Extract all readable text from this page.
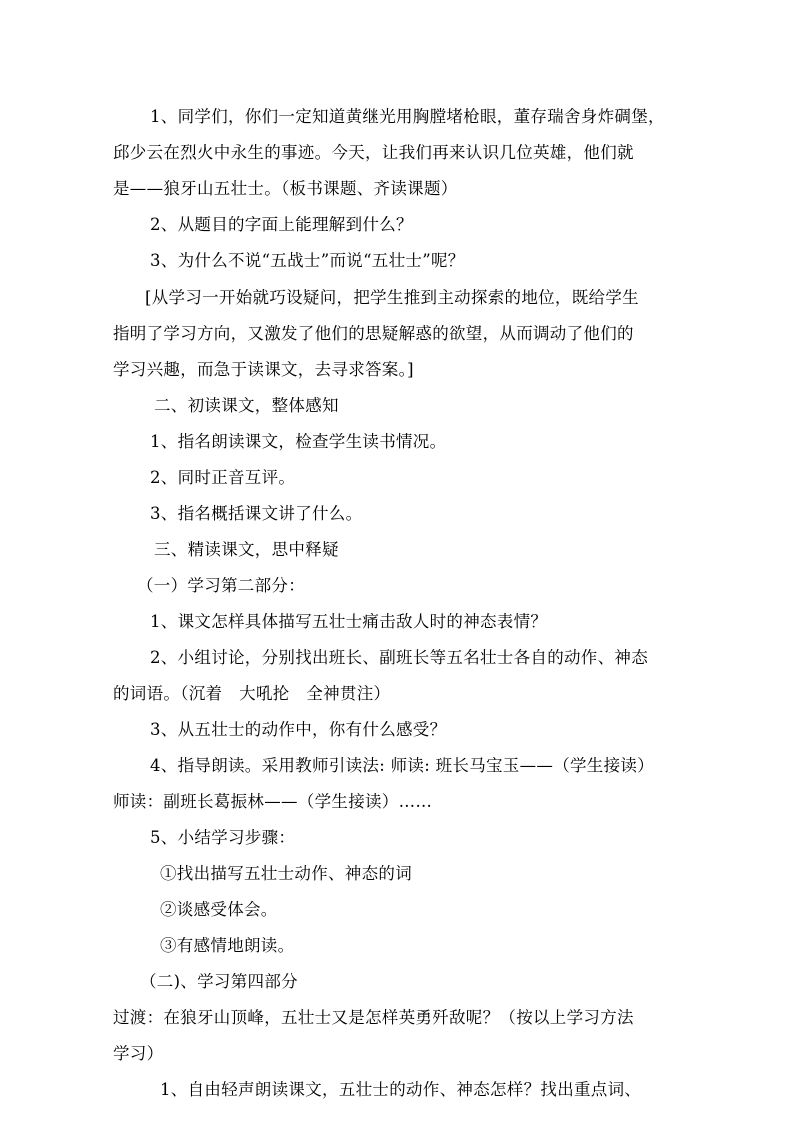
1、同学们，你们一定知道黄继光用胸膛堵枪眼，董存瑞舍身炸碉堡，
邱少云在烈火中永生的事迹。今天，让我们再来认识几位英雄，他们就
是——狼牙山五壮士。（板书课题、齐读课题）
2、从题目的字面上能理解到什么？
3、为什么不说“五战士”而说“五壮士”呢？
[从学习一开始就巧设疑问，把学生推到主动探索的地位，既给学生
指明了学习方向，又激发了他们的思疑解惑的欲望，从而调动了他们的
学习兴趣，而急于读课文，去寻求答案。]
二、初读课文，整体感知
1、指名朗读课文，检查学生读书情况。
2、同时正音互评。
3、指名概括课文讲了什么。
三、精读课文，思中释疑
（一）学习第二部分：
1、课文怎样具体描写五壮士痛击敌人时的神态表情？
2、小组讨论，分别找出班长、副班长等五名壮士各自的动作、神态
的词语。（沉着　大吼抡　全神贯注）
3、从五壮士的动作中，你有什么感受？
4、指导朗读。采用教师引读法: 师读: 班长马宝玉——（学生接读）
师读：副班长葛振林——（学生接读）……
5、小结学习步骤：
①找出描写五壮士动作、神态的词
②谈感受体会。
③有感情地朗读。
（二)、学习第四部分
过渡：在狼牙山顶峰，五壮士又是怎样英勇歼敌呢？（按以上学习方法
学习）
1、自由轻声朗读课文，五壮士的动作、神态怎样？找出重点词、
